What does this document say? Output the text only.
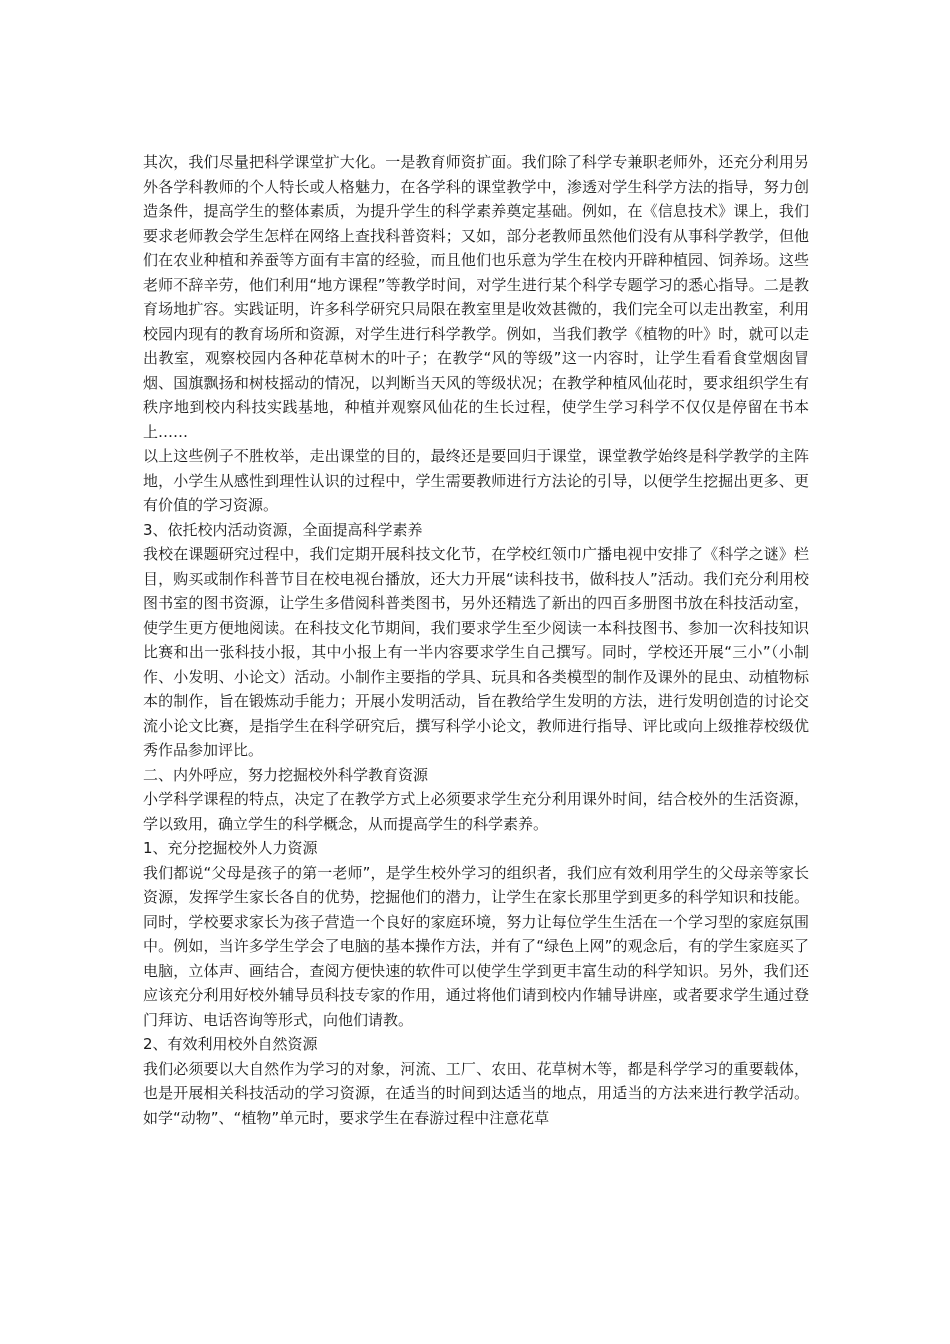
其次，我们尽量把科学课堂扩大化。一是教育师资扩面。我们除了科学专兼职老师外，还充分利用另外各学科教师的个人特长或人格魅力，在各学科的课堂教学中，渗透对学生科学方法的指导，努力创造条件，提高学生的整体素质，为提升学生的科学素养奠定基础。例如，在《信息技术》课上，我们要求老师教会学生怎样在网络上查找科普资料；又如，部分老教师虽然他们没有从事科学教学，但他们在农业种植和养蚕等方面有丰富的经验，而且他们也乐意为学生在校内开辟种植园、饲养场。这些老师不辞辛劳，他们利用“地方课程”等教学时间，对学生进行某个科学专题学习的悉心指导。二是教育场地扩容。实践证明，许多科学研究只局限在教室里是收效甚微的，我们完全可以走出教室，利用校园内现有的教育场所和资源，对学生进行科学教学。例如，当我们教学《植物的叶》时，就可以走出教室，观察校园内各种花草树木的叶子；在教学“风的等级”这一内容时，让学生看看食堂烟囱冒烟、国旗飘扬和树枝摇动的情况，以判断当天风的等级状况；在教学种植风仙花时，要求组织学生有秩序地到校内科技实践基地，种植并观察风仙花的生长过程，使学生学习科学不仅仅是停留在书本上……

以上这些例子不胜枚举，走出课堂的目的，最终还是要回归于课堂，课堂教学始终是科学教学的主阵地，小学生从感性到理性认识的过程中，学生需要教师进行方法论的引导，以便学生挖掘出更多、更有价值的学习资源。

3、依托校内活动资源，全面提高科学素养

我校在课题研究过程中，我们定期开展科技文化节，在学校红领巾广播电视中安排了《科学之谜》栏目，购买或制作科普节目在校电视台播放，还大力开展“读科技书，做科技人”活动。我们充分利用校图书室的图书资源，让学生多借阅科普类图书，另外还精选了新出的四百多册图书放在科技活动室，使学生更方便地阅读。在科技文化节期间，我们要求学生至少阅读一本科技图书、参加一次科技知识比赛和出一张科技小报，其中小报上有一半内容要求学生自己撰写。同时，学校还开展“三小”（小制作、小发明、小论文）活动。小制作主要指的学具、玩具和各类模型的制作及课外的昆虫、动植物标本的制作，旨在锻炼动手能力；开展小发明活动，旨在教给学生发明的方法，进行发明创造的讨论交流小论文比赛，是指学生在科学研究后，撰写科学小论文，教师进行指导、评比或向上级推荐校级优秀作品参加评比。

二、内外呼应，努力挖掘校外科学教育资源

小学科学课程的特点，决定了在教学方式上必须要求学生充分利用课外时间，结合校外的生活资源，学以致用，确立学生的科学概念，从而提高学生的科学素养。

1、充分挖掘校外人力资源

我们都说“父母是孩子的第一老师”，是学生校外学习的组织者，我们应有效利用学生的父母亲等家长资源，发挥学生家长各自的优势，挖掘他们的潜力，让学生在家长那里学到更多的科学知识和技能。同时，学校要求家长为孩子营造一个良好的家庭环境，努力让每位学生生活在一个学习型的家庭氛围中。例如，当许多学生学会了电脑的基本操作方法，并有了“绿色上网”的观念后，有的学生家庭买了电脑，立体声、画结合，查阅方便快速的软件可以使学生学到更丰富生动的科学知识。另外，我们还应该充分利用好校外辅导员科技专家的作用，通过将他们请到校内作辅导讲座，或者要求学生通过登门拜访、电话咨询等形式，向他们请教。

2、有效利用校外自然资源

我们必须要以大自然作为学习的对象，河流、工厂、农田、花草树木等，都是科学学习的重要载体，也是开展相关科技活动的学习资源，在适当的时间到达适当的地点，用适当的方法来进行教学活动。如学“动物”、“植物”单元时，要求学生在春游过程中注意花草
